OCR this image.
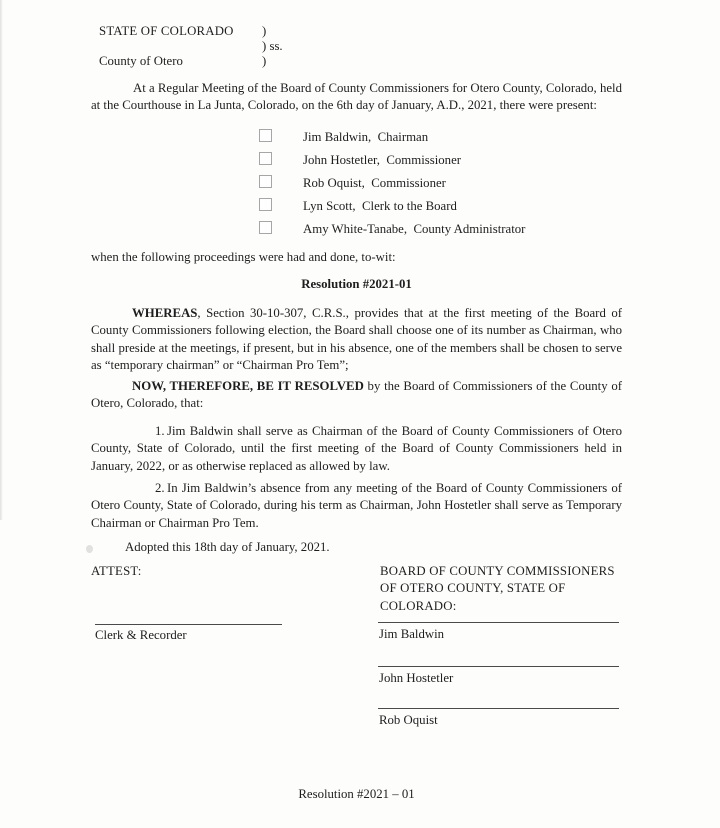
STATE OF COLORADO )
) ss.
County of Otero	)

At a Regular Meeting of the Board of County Commissioners for Otero County, Colorado, held at the Courthouse in La Junta, Colorado, on the 6th day of January, A.D., 2021, there were present:

Jim Baldwin,  Chairman
John Hostetler,  Commissioner
Rob Oquist,  Commissioner
Lyn Scott,  Clerk to the Board
Amy White-Tanabe,  County Administrator

when the following proceedings were had and done, to-wit:

Resolution #2021-01

WHEREAS, Section 30-10-307, C.R.S., provides that at the first meeting of the Board of County Commissioners following election, the Board shall choose one of its number as Chairman, who shall preside at the meetings, if present, but in his absence, one of the members shall be chosen to serve as “temporary chairman” or “Chairman Pro Tem”;

NOW, THEREFORE, BE IT RESOLVED by the Board of Commissioners of the County of Otero, Colorado, that:

1. Jim Baldwin shall serve as Chairman of the Board of County Commissioners of Otero County, State of Colorado, until the first meeting of the Board of County Commissioners held in January, 2022, or as otherwise replaced as allowed by law.

2. In Jim Baldwin’s absence from any meeting of the Board of County Commissioners of Otero County, State of Colorado, during his term as Chairman, John Hostetler shall serve as Temporary Chairman or Chairman Pro Tem.

Adopted this 18th day of January, 2021.

ATTEST:	BOARD OF COUNTY COMMISSIONERS OF OTERO COUNTY, STATE OF COLORADO:
Clerk & Recorder	Jim Baldwin
John Hostetler
Rob Oquist
Resolution #2021 – 01
